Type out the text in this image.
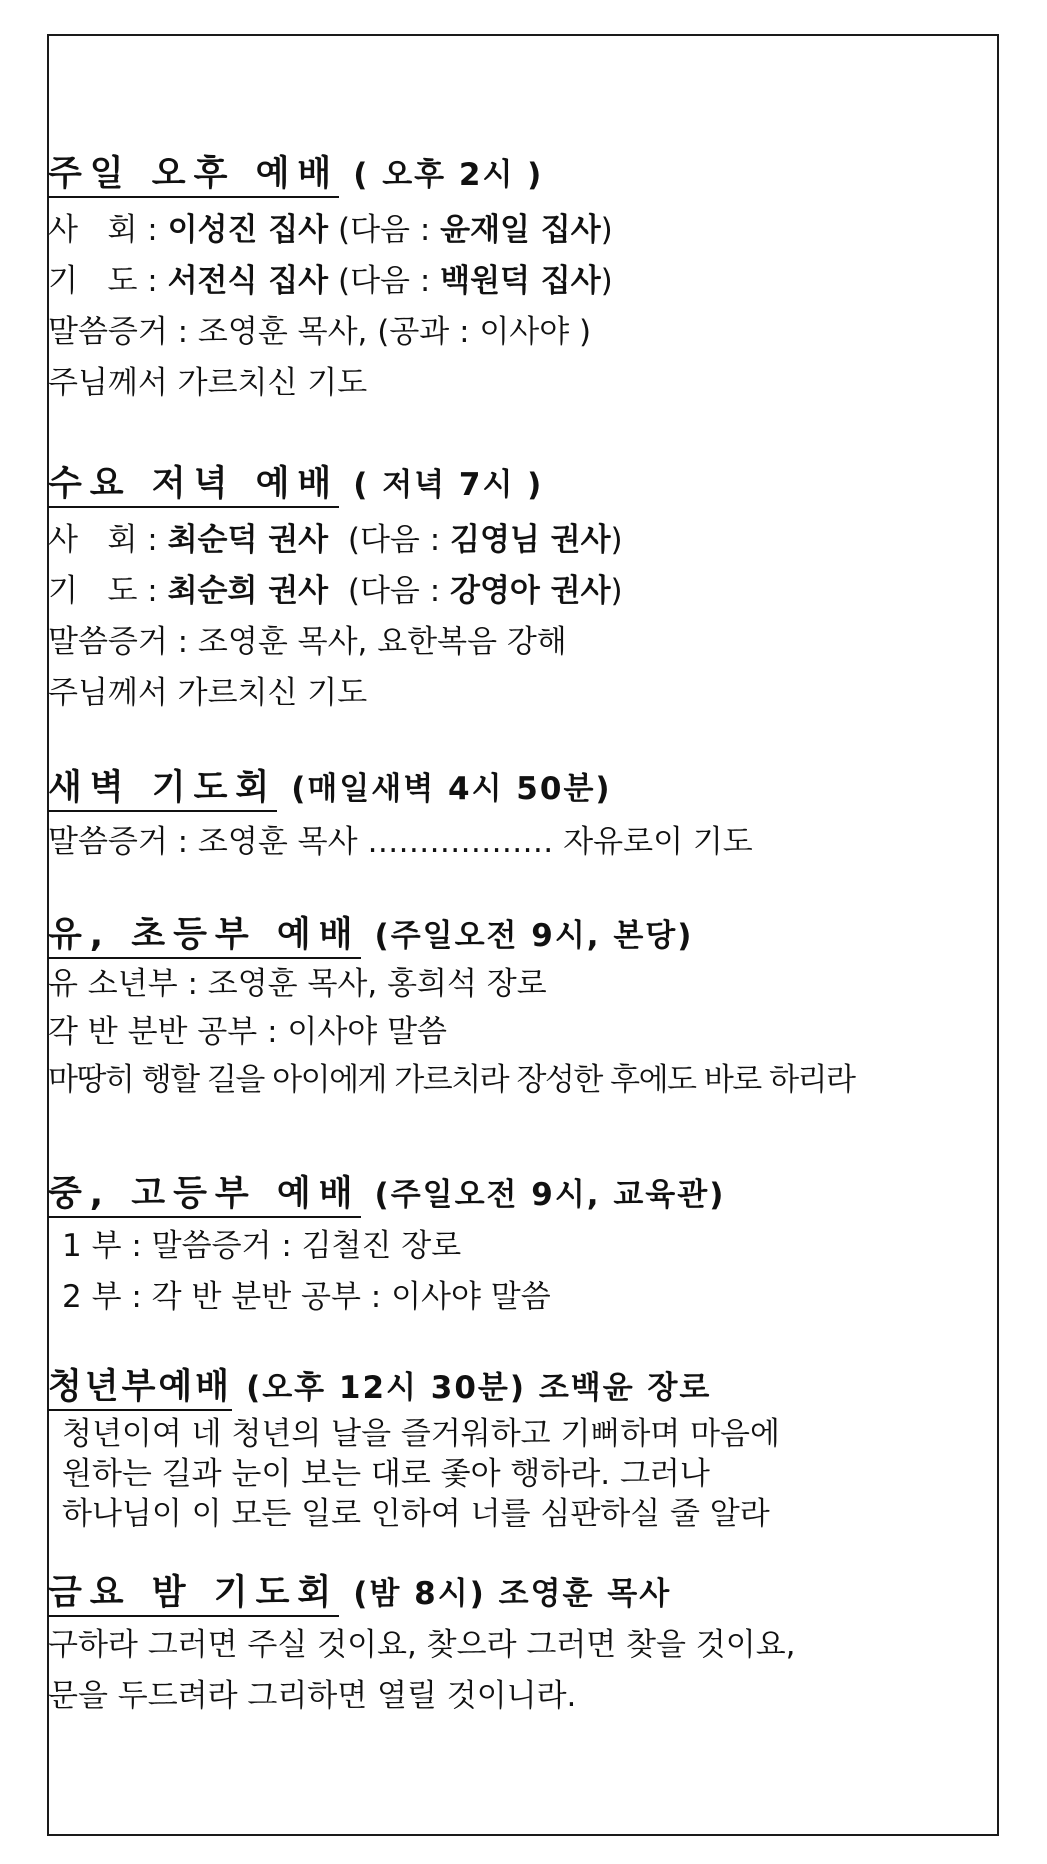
주일 오후 예배 ( 오후 2시 )
사   회 : 이성진 집사 (다음 : 윤재일 집사)
기   도 : 서전식 집사 (다음 : 백원덕 집사)
말씀증거 : 조영훈 목사, (공과 : 이사야 )
주님께서 가르치신 기도
수요 저녁 예배 ( 저녁 7시 )
사   회 : 최순덕 권사  (다음 : 김영님 권사)
기   도 : 최순희 권사  (다음 : 강영아 권사)
말씀증거 : 조영훈 목사, 요한복음 강해
주님께서 가르치신 기도
새벽 기도회 (매일새벽 4시 50분)
말씀증거 : 조영훈 목사 ……………… 자유로이 기도
유, 초등부 예배 (주일오전 9시, 본당)
유 소년부 : 조영훈 목사, 홍희석 장로
각 반 분반 공부 : 이사야 말씀
마땅히 행할 길을 아이에게 가르치라 장성한 후에도 바로 하리라
중, 고등부 예배 (주일오전 9시, 교육관)
1 부 : 말씀증거 : 김철진 장로
2 부 : 각 반 분반 공부 : 이사야 말씀
청년부예배 (오후 12시 30분) 조백윤 장로
청년이여 네 청년의 날을 즐거워하고 기뻐하며 마음에
원하는 길과 눈이 보는 대로 좇아 행하라. 그러나
하나님이 이 모든 일로 인하여 너를 심판하실 줄 알라
금요 밤 기도회 (밤 8시) 조영훈 목사
구하라 그러면 주실 것이요, 찾으라 그러면 찾을 것이요,
문을 두드려라 그리하면 열릴 것이니라.
